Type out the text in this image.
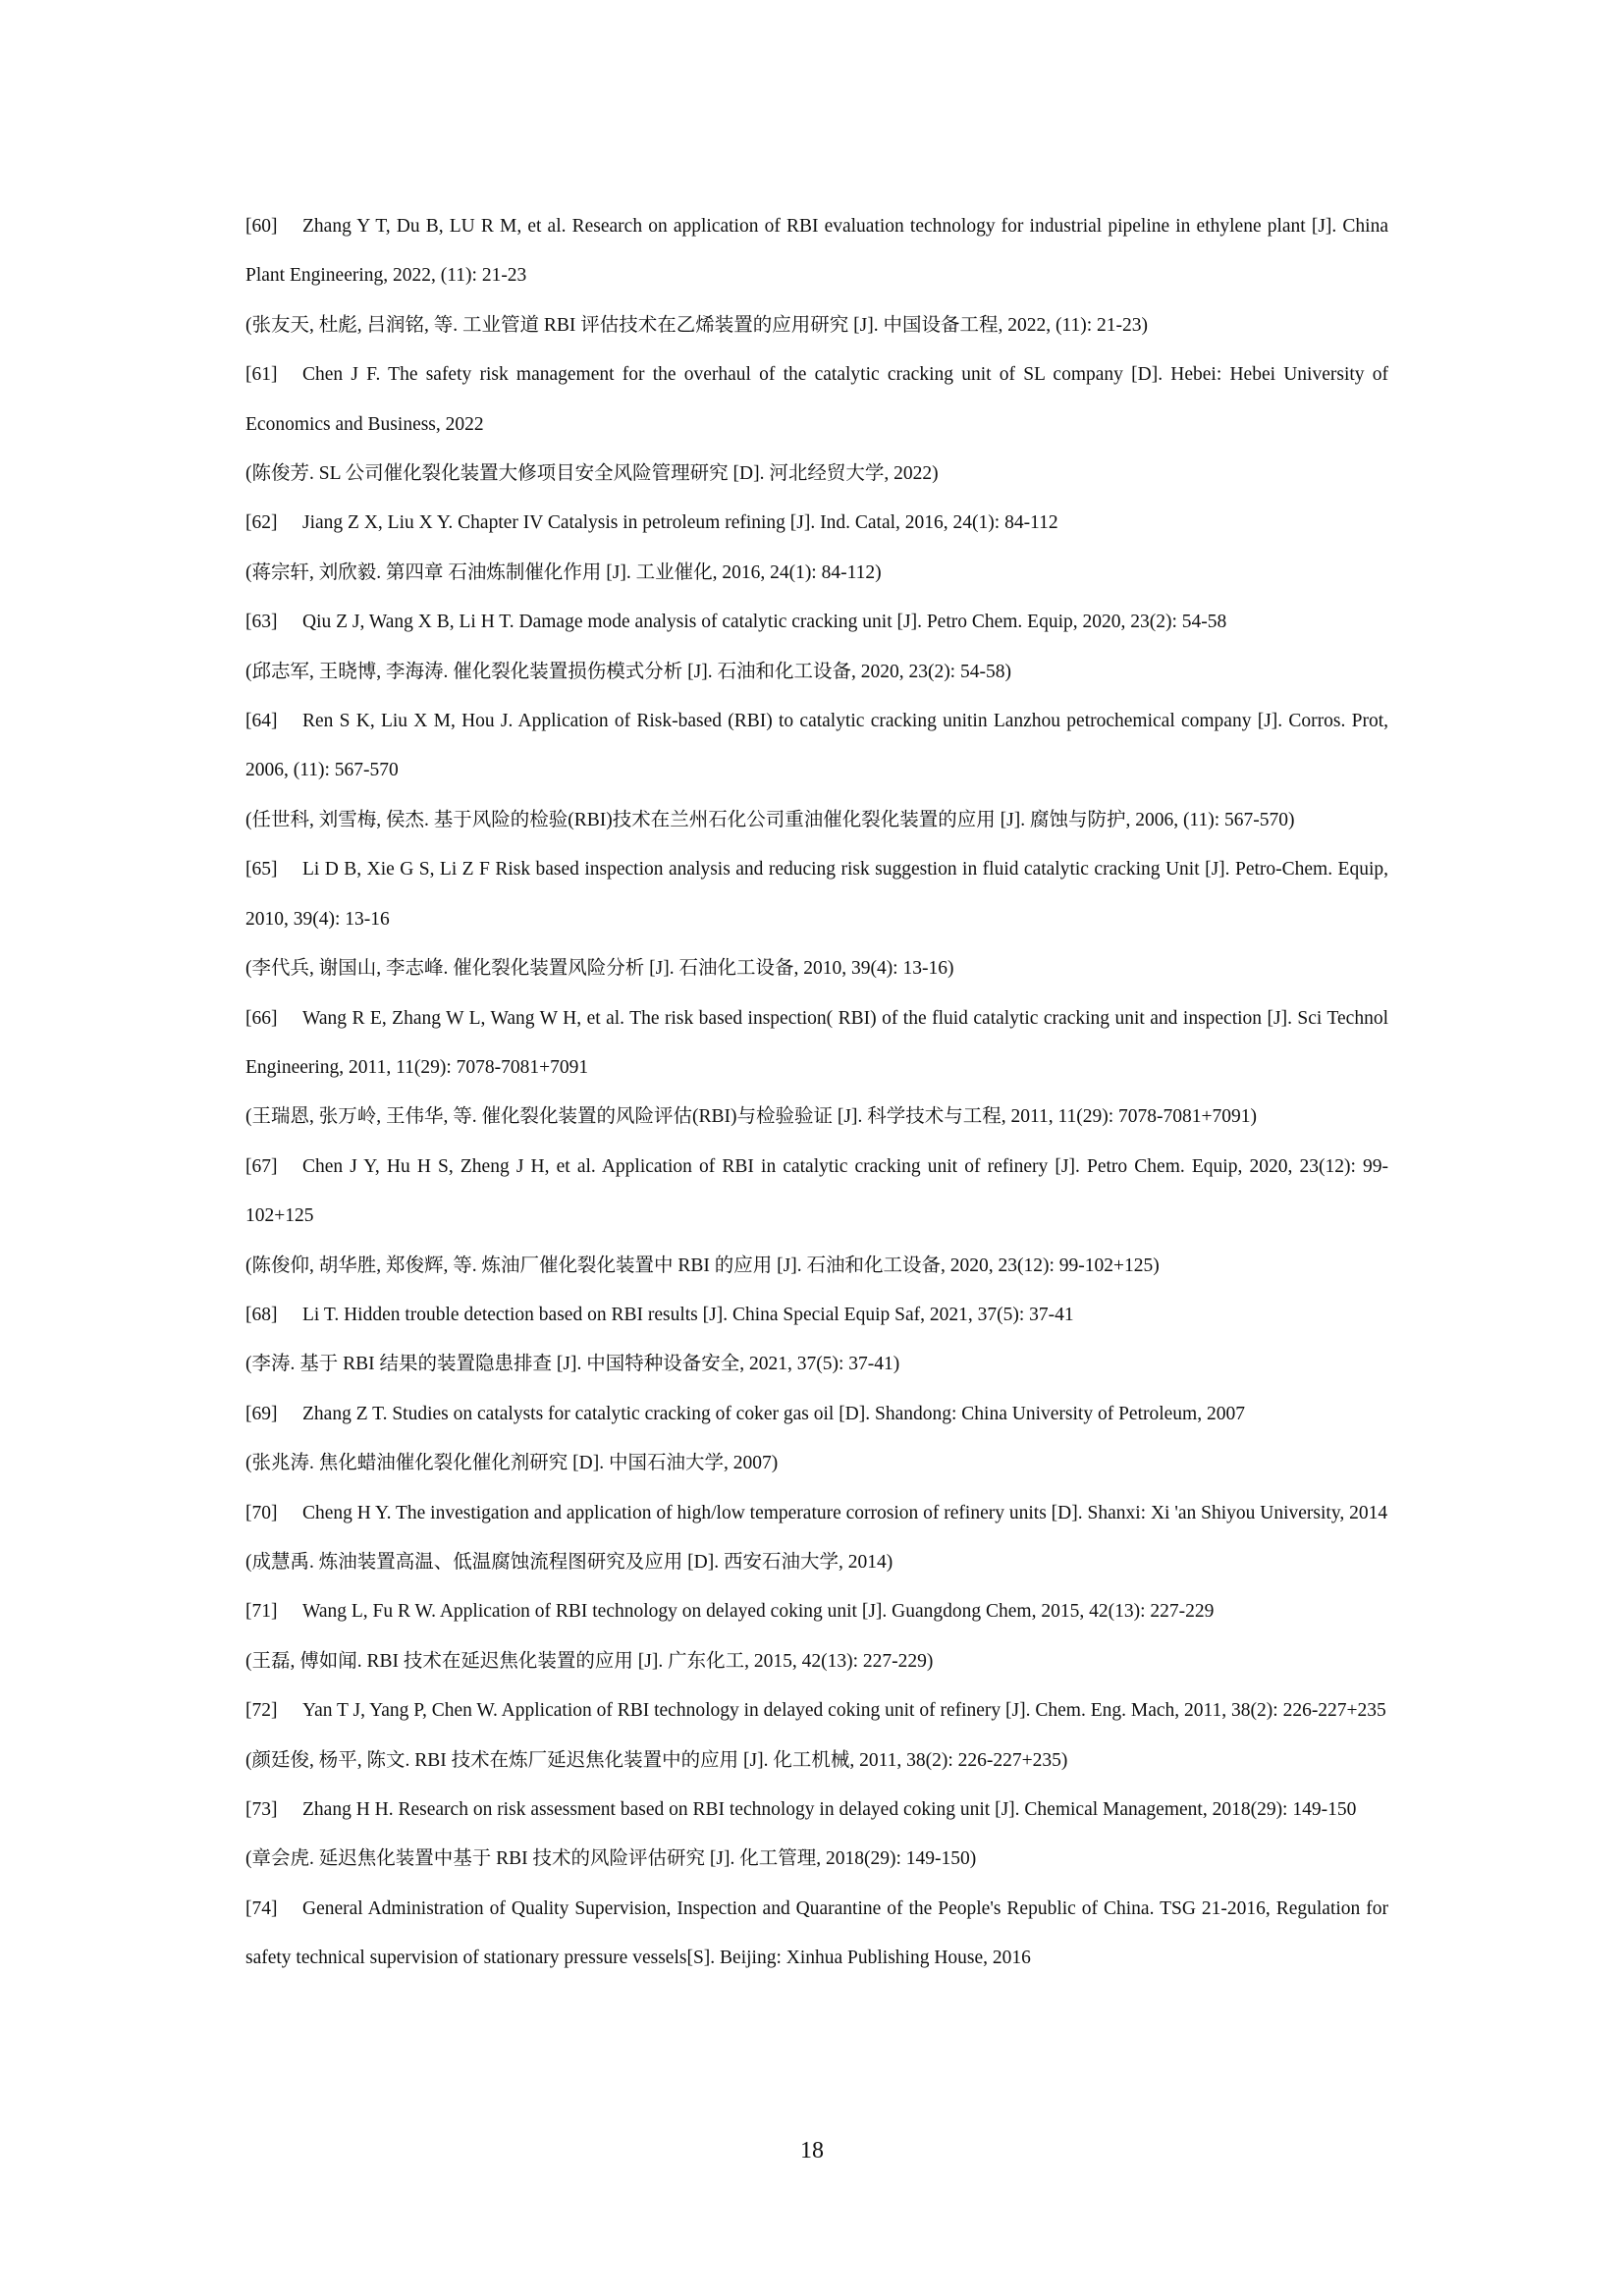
[60] Zhang Y T, Du B, LU R M, et al. Research on application of RBI evaluation technology for industrial pipeline in ethylene plant [J]. China Plant Engineering, 2022, (11): 21-23
(张友天, 杜彪, 吕润铭, 等. 工业管道 RBI 评估技术在乙烯装置的应用研究 [J]. 中国设备工程, 2022, (11): 21-23)
[61] Chen J F. The safety risk management for the overhaul of the catalytic cracking unit of SL company [D]. Hebei: Hebei University of Economics and Business, 2022
(陈俊芳. SL 公司催化裂化装置大修项目安全风险管理研究 [D]. 河北经贸大学, 2022)
[62] Jiang Z X, Liu X Y. Chapter IV Catalysis in petroleum refining [J]. Ind. Catal, 2016, 24(1): 84-112
(蒋宗轩, 刘欣毅. 第四章 石油炼制催化作用 [J]. 工业催化, 2016, 24(1): 84-112)
[63] Qiu Z J, Wang X B, Li H T. Damage mode analysis of catalytic cracking unit [J]. Petro Chem. Equip, 2020, 23(2): 54-58
(邱志军, 王晓博, 李海涛. 催化裂化装置损伤模式分析 [J]. 石油和化工设备, 2020, 23(2): 54-58)
[64] Ren S K, Liu X M, Hou J. Application of Risk-based (RBI) to catalytic cracking unitin Lanzhou petrochemical company [J]. Corros. Prot, 2006, (11): 567-570
(任世科, 刘雪梅, 侯杰. 基于风险的检验(RBI)技术在兰州石化公司重油催化裂化装置的应用 [J]. 腐蚀与防护, 2006, (11): 567-570)
[65] Li D B, Xie G S, Li Z F Risk based inspection analysis and reducing risk suggestion in fluid catalytic cracking Unit [J]. Petro-Chem. Equip, 2010, 39(4): 13-16
(李代兵, 谢国山, 李志峰. 催化裂化装置风险分析 [J]. 石油化工设备, 2010, 39(4): 13-16)
[66] Wang R E, Zhang W L, Wang W H, et al. The risk based inspection( RBI) of the fluid catalytic cracking unit and inspection [J]. Sci Technol Engineering, 2011, 11(29): 7078-7081+7091
(王瑞恩, 张万岭, 王伟华, 等. 催化裂化装置的风险评估(RBI)与检验验证 [J]. 科学技术与工程, 2011, 11(29): 7078-7081+7091)
[67] Chen J Y, Hu H S, Zheng J H, et al. Application of RBI in catalytic cracking unit of refinery [J]. Petro Chem. Equip, 2020, 23(12): 99-102+125
(陈俊仰, 胡华胜, 郑俊辉, 等. 炼油厂催化裂化装置中 RBI 的应用 [J]. 石油和化工设备, 2020, 23(12): 99-102+125)
[68] Li T. Hidden trouble detection based on RBI results [J]. China Special Equip Saf, 2021, 37(5): 37-41
(李涛. 基于 RBI 结果的装置隐患排查 [J]. 中国特种设备安全, 2021, 37(5): 37-41)
[69] Zhang Z T. Studies on catalysts for catalytic cracking of coker gas oil [D]. Shandong: China University of Petroleum, 2007
(张兆涛. 焦化蜡油催化裂化催化剂研究 [D]. 中国石油大学, 2007)
[70] Cheng H Y. The investigation and application of high/low temperature corrosion of refinery units [D]. Shanxi: Xi 'an Shiyou University, 2014
(成慧禹. 炼油装置高温、低温腐蚀流程图研究及应用 [D]. 西安石油大学, 2014)
[71] Wang L, Fu R W. Application of RBI technology on delayed coking unit [J]. Guangdong Chem, 2015, 42(13): 227-229
(王磊, 傅如闻. RBI 技术在延迟焦化装置的应用 [J]. 广东化工, 2015, 42(13): 227-229)
[72] Yan T J, Yang P, Chen W. Application of RBI technology in delayed coking unit of refinery [J]. Chem. Eng. Mach, 2011, 38(2): 226-227+235
(颜廷俊, 杨平, 陈文. RBI 技术在炼厂延迟焦化装置中的应用 [J]. 化工机械, 2011, 38(2): 226-227+235)
[73] Zhang H H. Research on risk assessment based on RBI technology in delayed coking unit [J]. Chemical Management, 2018(29): 149-150
(章会虎. 延迟焦化装置中基于 RBI 技术的风险评估研究 [J]. 化工管理, 2018(29): 149-150)
[74] General Administration of Quality Supervision, Inspection and Quarantine of the People's Republic of China. TSG 21-2016, Regulation for safety technical supervision of stationary pressure vessels[S]. Beijing: Xinhua Publishing House, 2016
18
